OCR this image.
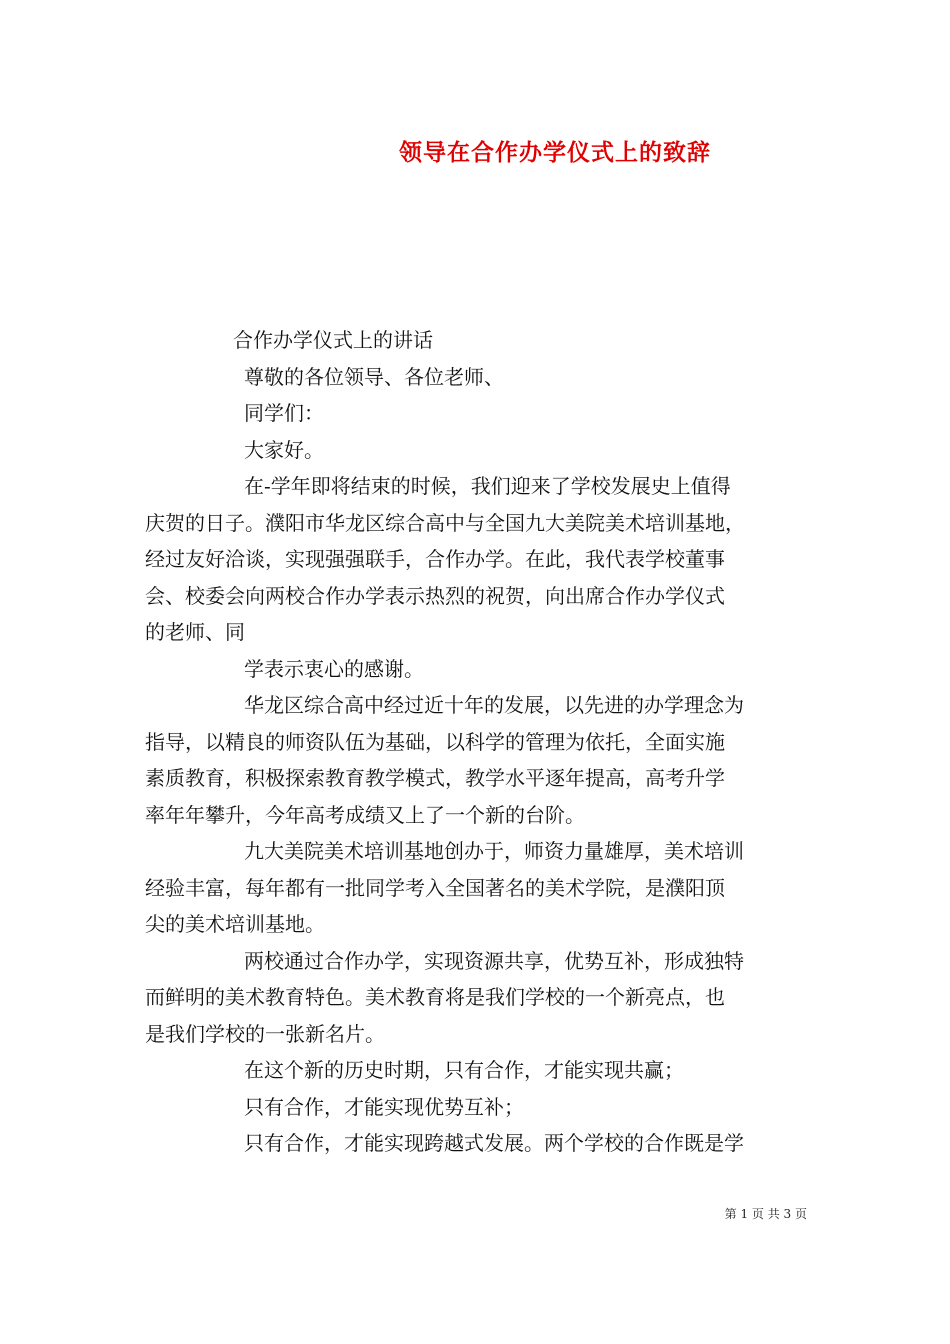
领导在合作办学仪式上的致辞
合作办学仪式上的讲话
尊敬的各位领导、各位老师、
同学们：
大家好。
在-学年即将结束的时候，我们迎来了学校发展史上值得
庆贺的日子。濮阳市华龙区综合高中与全国九大美院美术培训基地，
经过友好洽谈，实现强强联手，合作办学。在此，我代表学校董事
会、校委会向两校合作办学表示热烈的祝贺，向出席合作办学仪式
的老师、同
学表示衷心的感谢。
华龙区综合高中经过近十年的发展，以先进的办学理念为
指导，以精良的师资队伍为基础，以科学的管理为依托，全面实施
素质教育，积极探索教育教学模式，教学水平逐年提高，高考升学
率年年攀升，今年高考成绩又上了一个新的台阶。
九大美院美术培训基地创办于，师资力量雄厚，美术培训
经验丰富，每年都有一批同学考入全国著名的美术学院，是濮阳顶
尖的美术培训基地。
两校通过合作办学，实现资源共享，优势互补，形成独特
而鲜明的美术教育特色。美术教育将是我们学校的一个新亮点，也
是我们学校的一张新名片。
在这个新的历史时期，只有合作，才能实现共赢；
只有合作，才能实现优势互补；
只有合作，才能实现跨越式发展。两个学校的合作既是学
第 1 页 共 3 页
